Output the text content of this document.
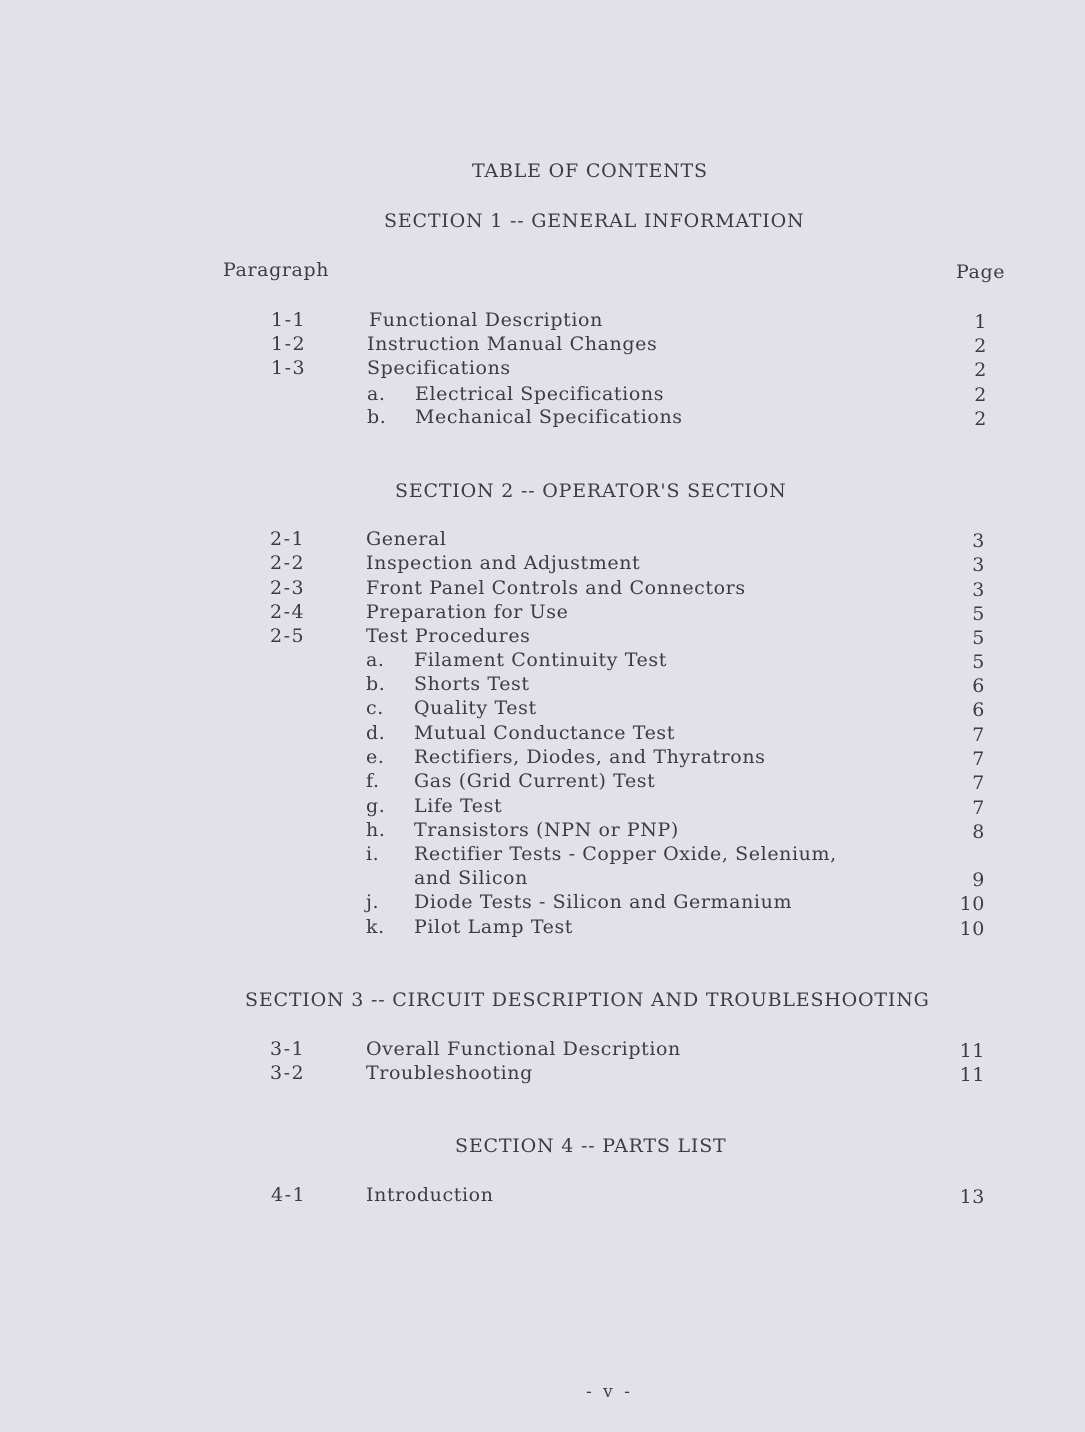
TABLE OF CONTENTS
SECTION 1 -- GENERAL INFORMATION
Paragraph	Page
1-1	Functional Description	1
1-2	Instruction Manual Changes	2
1-3	Specifications	2
a. Electrical Specifications	2
b. Mechanical Specifications	2
SECTION 2 -- OPERATOR'S SECTION
2-1	General	3
2-2	Inspection and Adjustment	3
2-3	Front Panel Controls and Connectors	3
2-4	Preparation for Use	5
2-5	Test Procedures	5
a. Filament Continuity Test	5
b. Shorts Test	6
c. Quality Test	6
d. Mutual Conductance Test	7
e. Rectifiers, Diodes, and Thyratrons	7
f. Gas (Grid Current) Test	7
g. Life Test	7
h. Transistors (NPN or PNP)	8
i. Rectifier Tests - Copper Oxide, Selenium,
and Silicon	9
j. Diode Tests - Silicon and Germanium	10
k. Pilot Lamp Test	10
SECTION 3 -- CIRCUIT DESCRIPTION AND TROUBLESHOOTING
3-1	Overall Functional Description	11
3-2	Troubleshooting	11
SECTION 4 -- PARTS LIST
4-1	Introduction	13
- v -
